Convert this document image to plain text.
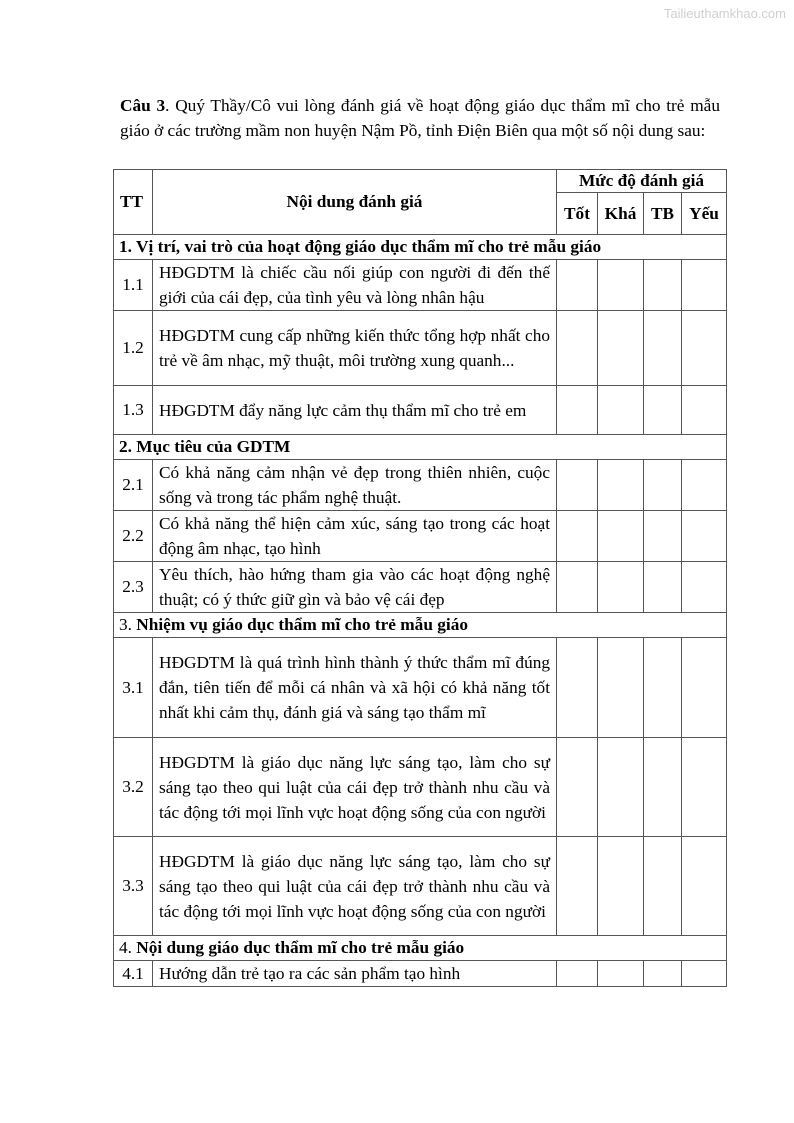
Tailieuthamkhao.com
Câu 3. Quý Thầy/Cô vui lòng đánh giá về hoạt động giáo dục thẩm mĩ cho trẻ mẫu giáo ở các trường mầm non huyện Nậm Pồ, tỉnh Điện Biên qua một số nội dung sau:
TT	Nội dung đánh giá	Mức độ đánh giá			
		Tốt	Khá	TB	Yếu
1. Vị trí, vai trò của hoạt động giáo dục thẩm mĩ cho trẻ mẫu giáo					
1.1	HĐGDTM là chiếc cầu nối giúp con người đi đến thế giới của cái đẹp, của tình yêu và lòng nhân hậu				
1.2	HĐGDTM cung cấp những kiến thức tổng hợp nhất cho trẻ về âm nhạc, mỹ thuật, môi trường xung quanh...				
1.3	HĐGDTM đẩy năng lực cảm thụ thẩm mĩ cho trẻ em				
2. Mục tiêu của GDTM					
2.1	Có khả năng cảm nhận vẻ đẹp trong thiên nhiên, cuộc sống và trong tác phẩm nghệ thuật.				
2.2	Có khả năng thể hiện cảm xúc, sáng tạo trong các hoạt động âm nhạc, tạo hình				
2.3	Yêu thích, hào hứng tham gia vào các hoạt động nghệ thuật; có ý thức giữ gìn và bảo vệ cái đẹp				
3. Nhiệm vụ giáo dục thẩm mĩ cho trẻ mẫu giáo					
3.1	HĐGDTM là quá trình hình thành ý thức thẩm mĩ đúng đắn, tiên tiến để mỗi cá nhân và xã hội có khả năng tốt nhất khi cảm thụ, đánh giá và sáng tạo thẩm mĩ				
3.2	HĐGDTM là giáo dục năng lực sáng tạo, làm cho sự sáng tạo theo qui luật của cái đẹp trở thành nhu cầu và tác động tới mọi lĩnh vực hoạt động sống của con người				
3.3	HĐGDTM là giáo dục năng lực sáng tạo, làm cho sự sáng tạo theo qui luật của cái đẹp trở thành nhu cầu và tác động tới mọi lĩnh vực hoạt động sống của con người				
4. Nội dung giáo dục thẩm mĩ cho trẻ mẫu giáo					
4.1	Hướng dẫn trẻ tạo ra các sản phẩm tạo hình				
